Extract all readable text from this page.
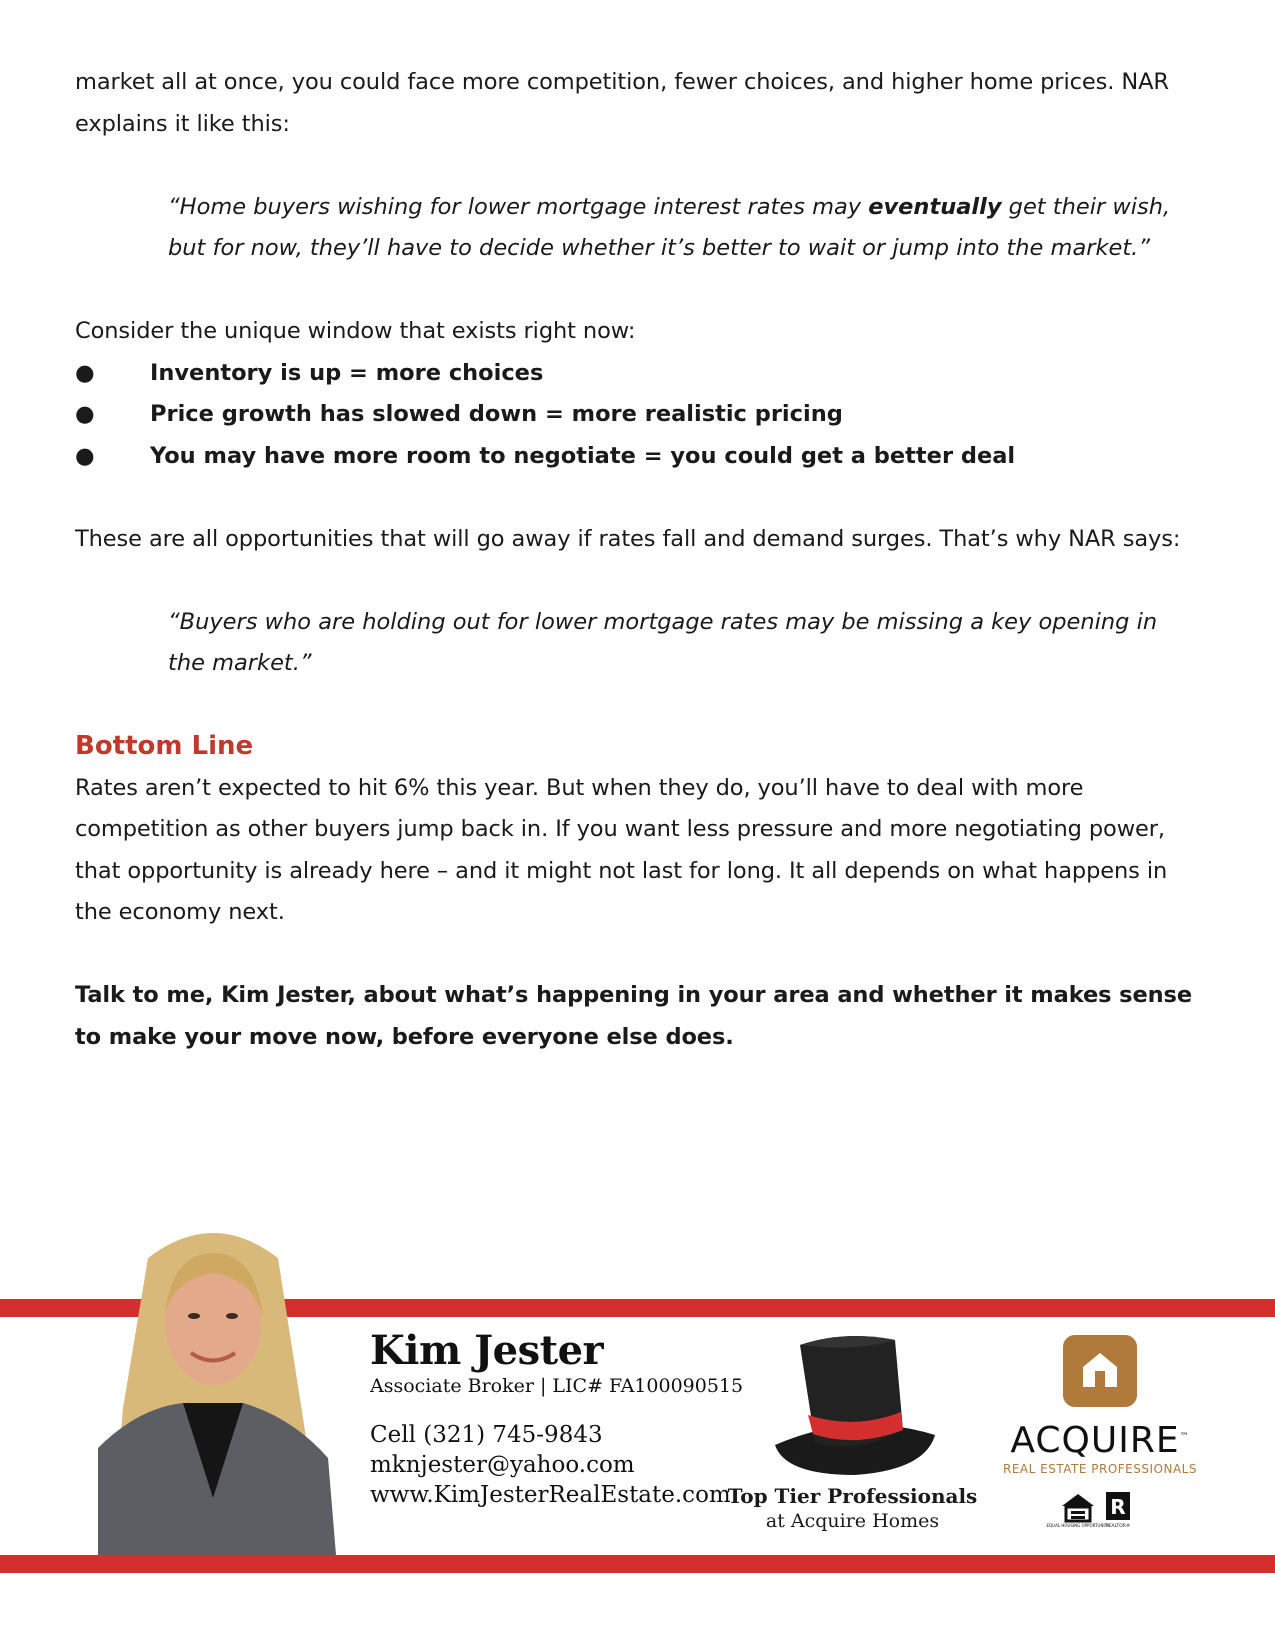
market all at once, you could face more competition, fewer choices, and higher home prices. NAR explains it like this:

“Home buyers wishing for lower mortgage interest rates may eventually get their wish, but for now, they’ll have to decide whether it’s better to wait or jump into the market.”

Consider the unique window that exists right now:

● Inventory is up = more choices
● Price growth has slowed down = more realistic pricing
● You may have more room to negotiate = you could get a better deal

These are all opportunities that will go away if rates fall and demand surges. That’s why NAR says:

“Buyers who are holding out for lower mortgage rates may be missing a key opening in the market.”

Bottom Line

Rates aren’t expected to hit 6% this year. But when they do, you’ll have to deal with more competition as other buyers jump back in. If you want less pressure and more negotiating power, that opportunity is already here – and it might not last for long. It all depends on what happens in the economy next.

Talk to me, Kim Jester, about what’s happening in your area and whether it makes sense to make your move now, before everyone else does.

Kim Jester
Associate Broker | LIC# FA100090515
Cell (321) 745-9843
mknjester@yahoo.com
www.KimJesterRealEstate.com
Top Tier Professionals
at Acquire Homes
ACQUIRE™
REAL ESTATE PROFESSIONALS
R
EQUAL HOUSING OPPORTUNITY
REALTOR®
